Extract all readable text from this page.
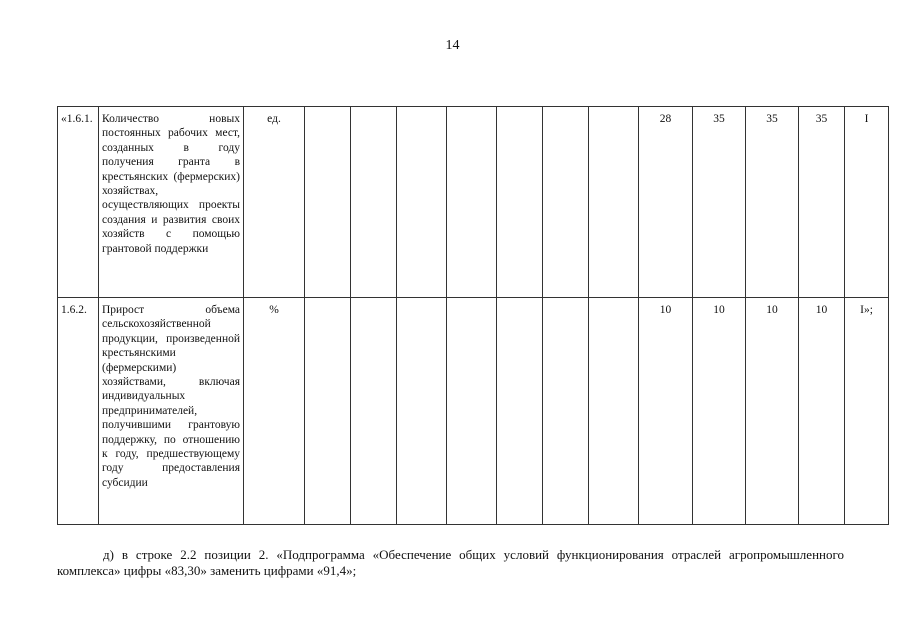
14
«1.6.1.	Количество новых постоянных рабочих мест, созданных в году получения гранта в крестьянских (фермерских) хозяйствах, осуществляющих проекты создания и развития своих хозяйств с помощью грантовой поддержки	ед.								28	35	35	35	I
1.6.2.	Прирост объема сельскохозяйственной продукции, произведенной крестьянскими (фермерскими) хозяйствами, включая индивидуальных предпринимателей, получившими грантовую поддержку, по отношению к году, предшествующему году предоставления субсидии	%								10	10	10	10	I»;

д) в строке 2.2 позиции 2. «Подпрограмма «Обеспечение общих условий функционирования отраслей агропромышленного комплекса» цифры «83,30» заменить цифрами «91,4»;
